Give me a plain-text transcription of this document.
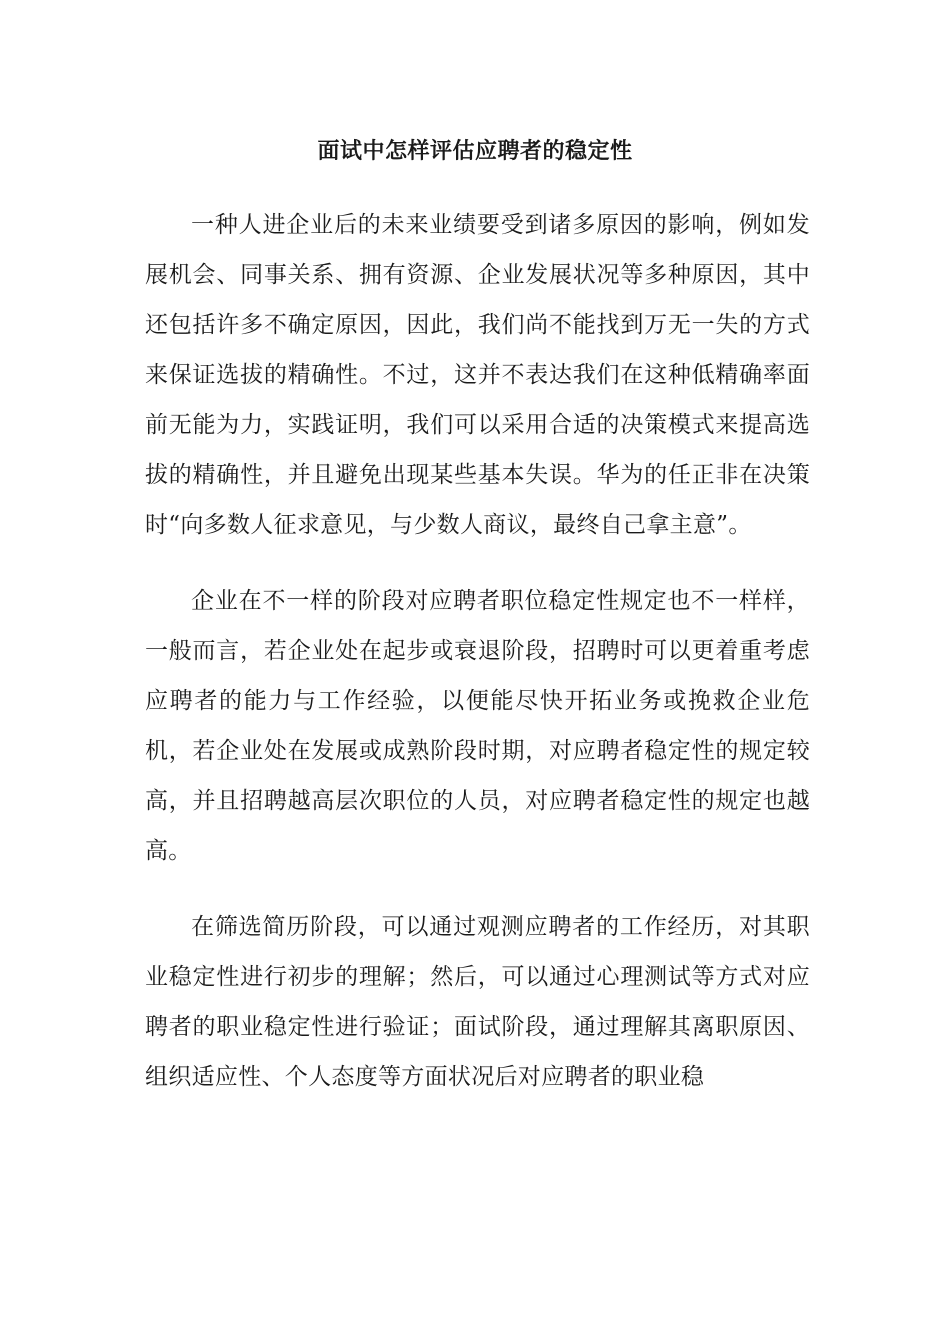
面试中怎样评估应聘者的稳定性

一种人进企业后的未来业绩要受到诸多原因的影响，例如发展机会、同事关系、拥有资源、企业发展状况等多种原因，其中还包括许多不确定原因，因此，我们尚不能找到万无一失的方式来保证选拔的精确性。不过，这并不表达我们在这种低精确率面前无能为力，实践证明，我们可以采用合适的决策模式来提高选拔的精确性，并且避免出现某些基本失误。华为的任正非在决策时“向多数人征求意见，与少数人商议，最终自己拿主意”。

企业在不一样的阶段对应聘者职位稳定性规定也不一样样，一般而言，若企业处在起步或衰退阶段，招聘时可以更着重考虑应聘者的能力与工作经验，以便能尽快开拓业务或挽救企业危机，若企业处在发展或成熟阶段时期，对应聘者稳定性的规定较高，并且招聘越高层次职位的人员，对应聘者稳定性的规定也越高。

在筛选简历阶段，可以通过观测应聘者的工作经历，对其职业稳定性进行初步的理解；然后，可以通过心理测试等方式对应聘者的职业稳定性进行验证；面试阶段，通过理解其离职原因、组织适应性、个人态度等方面状况后对应聘者的职业稳
